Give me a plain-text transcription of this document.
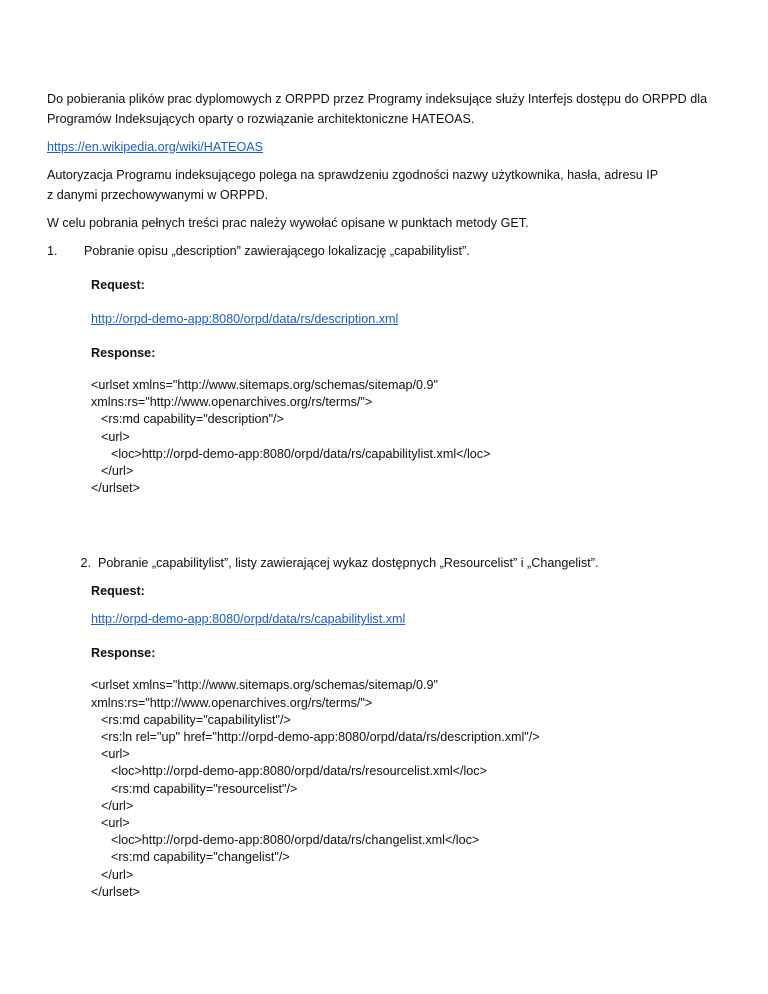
Do pobierania plików prac dyplomowych z ORPPD przez Programy indeksujące służy Interfejs dostępu do ORPPD dla Programów Indeksujących oparty o rozwiązanie architektoniczne HATEOAS.

https://en.wikipedia.org/wiki/HATEOAS

Autoryzacja Programu indeksującego polega na sprawdzeniu zgodności nazwy użytkownika, hasła, adresu IP

z danymi przechowywanymi w ORPPD.

W celu pobrania pełnych treści prac należy wywołać opisane w punktach metody GET.

1.	Pobranie opisu „description” zawierającego lokalizację „capabilitylist”.

Request:

http://orpd-demo-app:8080/orpd/data/rs/description.xml

Response:

<urlset xmlns="http://www.sitemaps.org/schemas/sitemap/0.9"
xmlns:rs="http://www.openarchives.org/rs/terms/">
<rs:md capability="description"/>
<url>
<loc>http://orpd-demo-app:8080/orpd/data/rs/capabilitylist.xml</loc>
</url>
</urlset>
2. Pobranie „capabilitylist”, listy zawierającej wykaz dostępnych „Resourcelist” i „Changelist”.

Request:

http://orpd-demo-app:8080/orpd/data/rs/capabilitylist.xml

Response:

<urlset xmlns="http://www.sitemaps.org/schemas/sitemap/0.9"
xmlns:rs="http://www.openarchives.org/rs/terms/">
<rs:md capability="capabilitylist"/>
<rs:ln rel="up" href="http://orpd-demo-app:8080/orpd/data/rs/description.xml"/>
<url>
<loc>http://orpd-demo-app:8080/orpd/data/rs/resourcelist.xml</loc>
<rs:md capability="resourcelist"/>
</url>
<url>
<loc>http://orpd-demo-app:8080/orpd/data/rs/changelist.xml</loc>
<rs:md capability="changelist"/>
</url>
</urlset>
